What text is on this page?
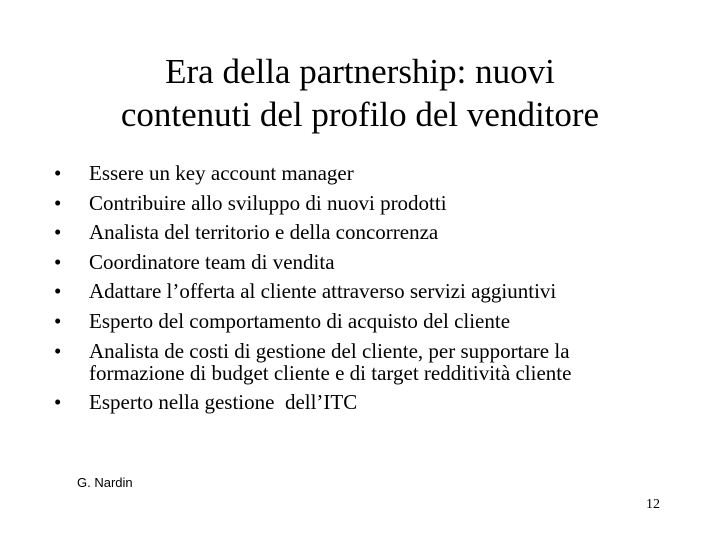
Era della partnership: nuovi
contenuti del profilo del venditore
•	Essere un key account manager
•	Contribuire allo sviluppo di nuovi prodotti
•	Analista del territorio e della concorrenza
•	Coordinatore team di vendita
•	Adattare l’offerta al cliente attraverso servizi aggiuntivi
•	Esperto del comportamento di acquisto del cliente
•	Analista de costi di gestione del cliente, per supportare la
formazione di budget cliente e di target redditività cliente
•	Esperto nella gestione  dell’ITC
G. Nardin
12
